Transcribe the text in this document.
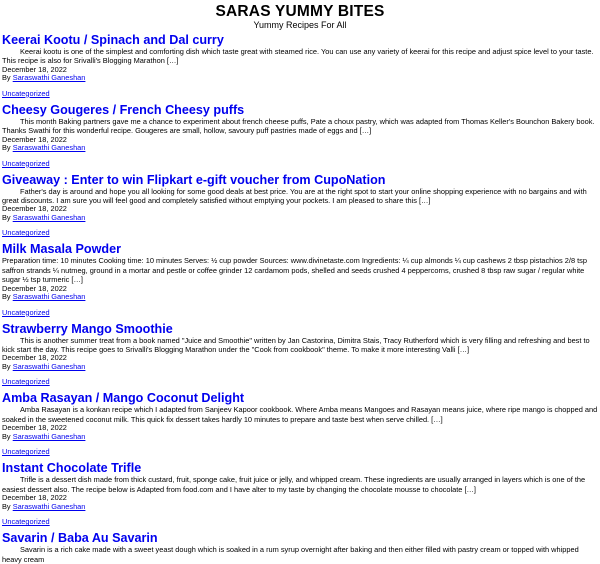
SARAS YUMMY BITES
Yummy Recipes For All
Keerai Kootu / Spinach and Dal curry

Keerai kootu is one of the simplest and comforting dish which taste great with steamed rice. You can use any variety of keerai for this recipe and adjust spice level to your taste. This recipe is also for Srivalli's Blogging Marathon […]

December 18, 2022
By Saraswathi Ganeshan
Uncategorized
Cheesy Gougeres / French Cheesy puffs

This month Baking partners gave me a chance to experiment about french cheese puffs, Pate a choux pastry, which was adapted from Thomas Keller's Bounchon Bakery book. Thanks Swathi for this wonderful recipe. Gougeres are small, hollow, savoury puff pastries made of eggs and […]

December 18, 2022
By Saraswathi Ganeshan
Uncategorized
Giveaway : Enter to win Flipkart e-gift voucher from CupoNation

Father's day is around and hope you all looking for some good deals at best price. You are at the right spot to start your online shopping experience with no bargains and with great discounts. I am sure you will feel good and completely satisfied without emptying your pockets. I am pleased to share this […]

December 18, 2022
By Saraswathi Ganeshan
Uncategorized
Milk Masala Powder

Preparation time: 10 minutes Cooking time: 10 minutes Serves: ½ cup powder Sources: www.divinetaste.com Ingredients: ¼ cup almonds ¼ cup cashews 2 tbsp pistachios 2/8 tsp saffron strands ¼ nutmeg, ground in a mortar and pestle or coffee grinder 12 cardamom pods, shelled and seeds crushed 4 peppercorns, crushed 8 tbsp raw sugar / regular white sugar ½ tsp turmeric […]

December 18, 2022
By Saraswathi Ganeshan
Uncategorized
Strawberry Mango Smoothie

This is another summer treat from a book named "Juice and Smoothie" written by Jan Castorina, Dimitra Stais, Tracy Rutherford which is very filling and refreshing and best to kick start the day. This recipe goes to Srivalli's Blogging Marathon under the "Cook from cookbook" theme. To make it more interesting Valli […]

December 18, 2022
By Saraswathi Ganeshan
Uncategorized
Amba Rasayan / Mango Coconut Delight

Amba Rasayan is a konkan recipe which I adapted from Sanjeev Kapoor cookbook. Where Amba means Mangoes and Rasayan means juice, where ripe mango is chopped and soaked in the sweetened coconut milk. This quick fix dessert takes hardly 10 minutes to prepare and taste best when serve chilled. […]

December 18, 2022
By Saraswathi Ganeshan
Uncategorized
Instant Chocolate Trifle

Trifle is a dessert dish made from thick custard, fruit, sponge cake, fruit juice or jelly, and whipped cream. These ingredients are usually arranged in layers which is one of the easiest dessert also. The recipe below is Adapted from food.com and I have alter to my taste by changing the chocolate mousse to chocolate […]

December 18, 2022
By Saraswathi Ganeshan
Uncategorized
Savarin / Baba Au Savarin

Savarin is a rich cake made with a sweet yeast dough which is soaked in a rum syrup overnight after baking and then either filled with pastry cream or topped with whipped heavy cream
